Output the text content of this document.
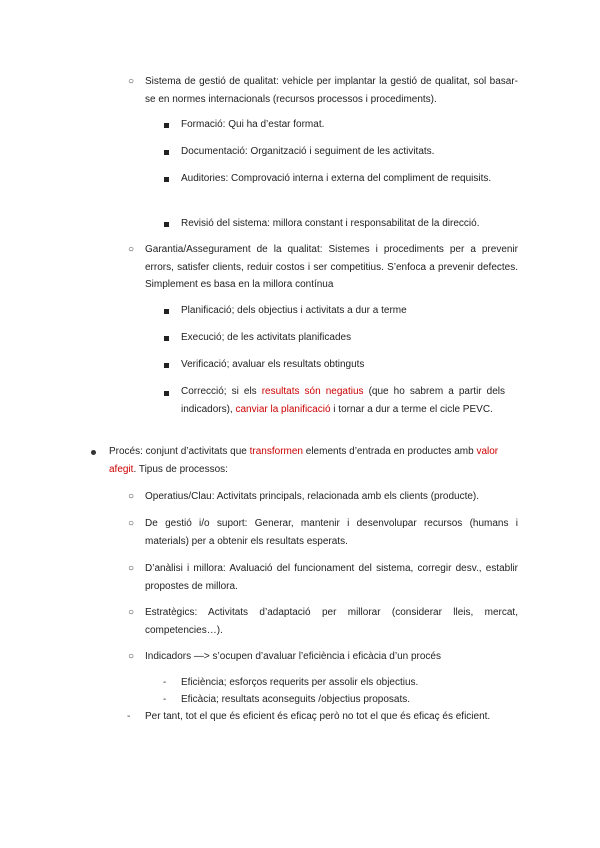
○ Sistema de gestió de qualitat: vehicle per implantar la gestió de qualitat, sol basar-se en normes internacionals (recursos processos i procediments).
Formació: Qui ha d’estar format.
Documentació: Organització i seguiment de les activitats.
Auditories: Comprovació interna i externa del compliment de requisits.
Revisió del sistema: millora constant i responsabilitat de la direcció.
○ Garantia/Assegurament de la qualitat: Sistemes i procediments per a prevenir errors, satisfer clients, reduir costos i ser competitius. S’enfoca a prevenir defectes. Simplement es basa en la millora contínua
Planificació; dels objectius i activitats a dur a terme
Execució; de les activitats planificades
Verificació; avaluar els resultats obtinguts
Correcció; si els resultats són negatius (que ho sabrem a partir dels indicadors), canviar la planificació i tornar a dur a terme el cicle PEVC.
Procés: conjunt d’activitats que transformen elements d’entrada en productes amb valor afegit. Tipus de processos:
○ Operatius/Clau: Activitats principals, relacionada amb els clients (producte).
○ De gestió i/o suport: Generar, mantenir i desenvolupar recursos (humans i materials) per a obtenir els resultats esperats.
○ D’anàlisi i millora: Avaluació del funcionament del sistema, corregir desv., establir propostes de millora.
○ Estratègics: Activitats d’adaptació per millorar (considerar lleis, mercat, competencies…).
○ Indicadors —> s’ocupen d’avaluar l’eficiència i eficàcia d’un procés
- Eficiència; esforços requerits per assolir els objectius.
- Eficàcia; resultats aconseguits /objectius proposats.
- Per tant, tot el que és eficient és eficaç però no tot el que és eficaç és eficient.
